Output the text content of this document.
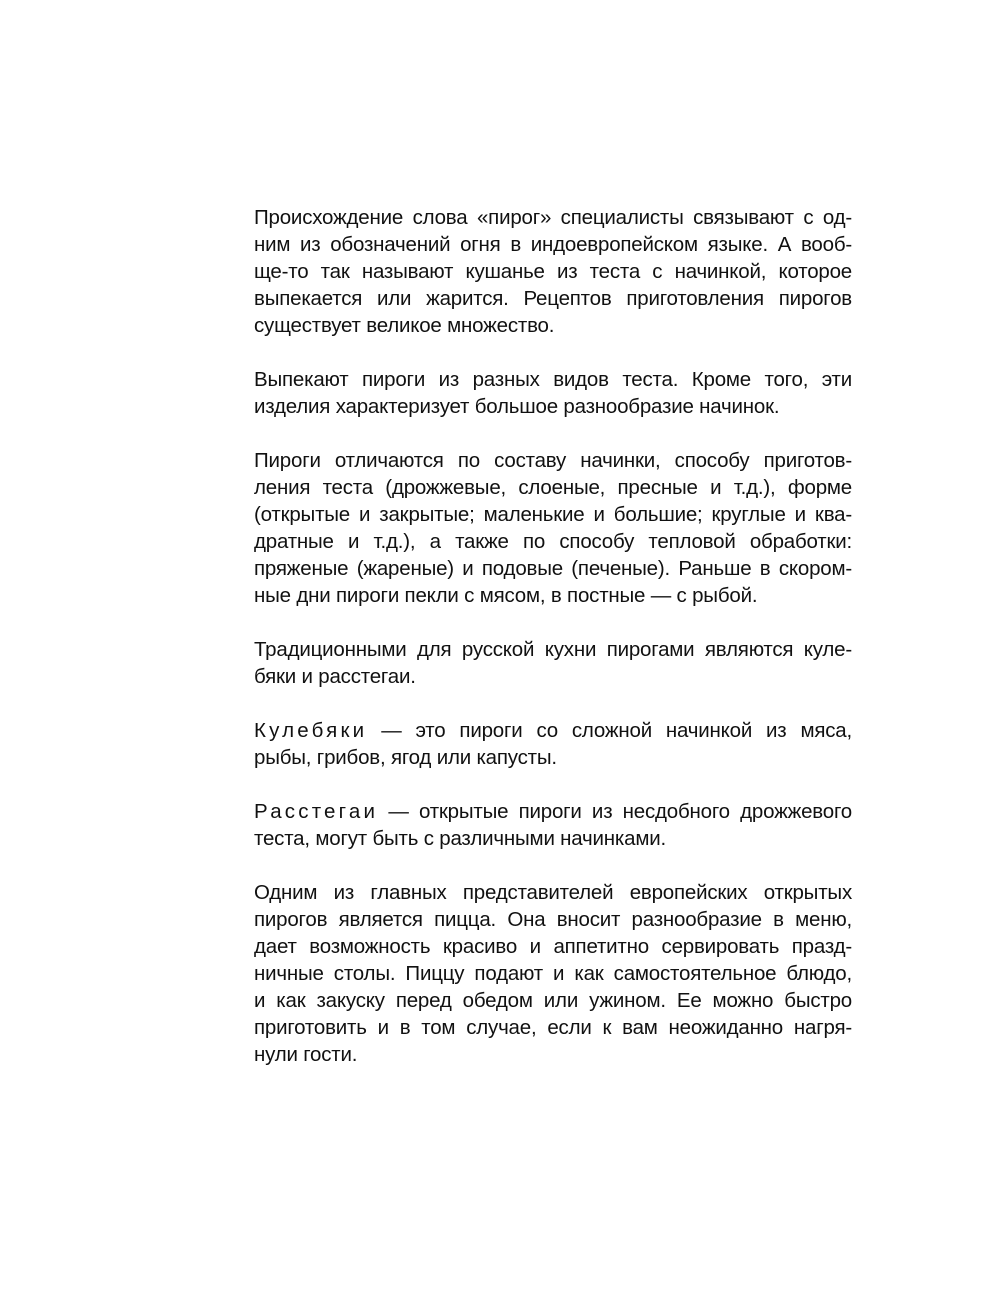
Происхождение слова «пирог» специалисты связывают с од-
ним из обозначений огня в индоевропейском языке. А вооб-
ще-то так называют кушанье из теста с начинкой, которое
выпекается или жарится. Рецептов приготовления пирогов
существует великое множество.

Выпекают пироги из разных видов теста. Кроме того, эти
изделия характеризует большое разнообразие начинок.

Пироги отличаются по составу начинки, способу приготов-
ления теста (дрожжевые, слоеные, пресные и т.д.), форме
(открытые и закрытые; маленькие и большие; круглые и ква-
дратные и т.д.), а также по способу тепловой обработки:
пряженые (жареные) и подовые (печеные). Раньше в скором-
ные дни пироги пекли с мясом, в постные — с рыбой.

Традиционными для русской кухни пирогами являются куле-
бяки и расстегаи.

Кулебяки — это пироги со сложной начинкой из мяса,
рыбы, грибов, ягод или капусты.

Расстегаи — открытые пироги из несдобного дрожжевого
теста, могут быть с различными начинками.

Одним из главных представителей европейских открытых
пирогов является пицца. Она вносит разнообразие в меню,
дает возможность красиво и аппетитно сервировать празд-
ничные столы. Пиццу подают и как самостоятельное блюдо,
и как закуску перед обедом или ужином. Ее можно быстро
приготовить и в том случае, если к вам неожиданно нагря-
нули гости.
